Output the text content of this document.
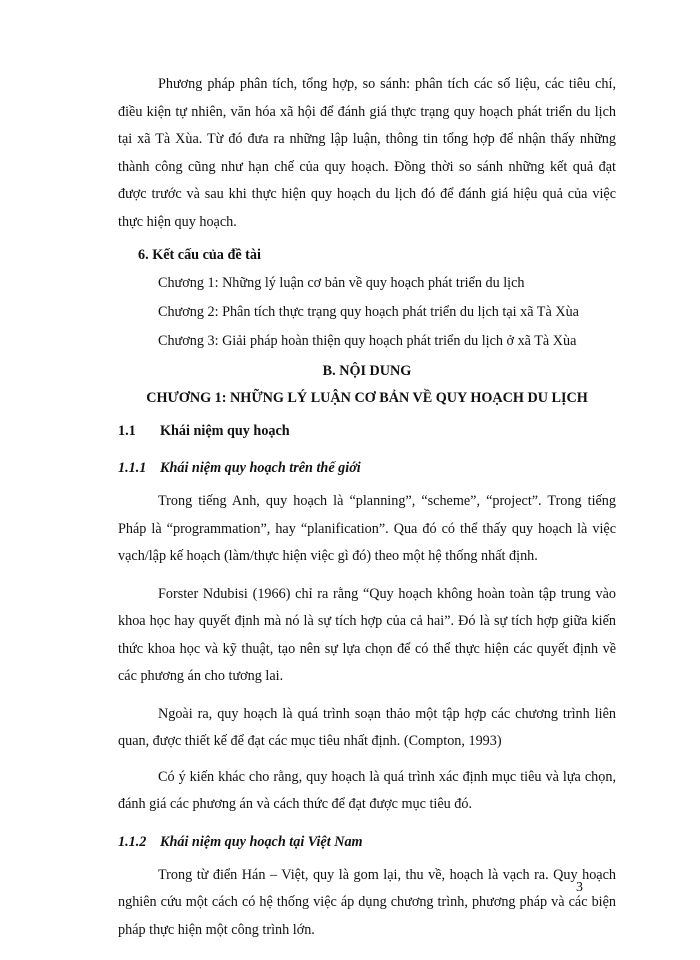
Phương pháp phân tích, tổng hợp, so sánh: phân tích các số liệu, các tiêu chí, điều kiện tự nhiên, văn hóa xã hội để đánh giá thực trạng quy hoạch phát triển du lịch tại xã Tà Xùa. Từ đó đưa ra những lập luận, thông tin tổng hợp để nhận thấy những thành công cũng như hạn chế của quy hoạch. Đồng thời so sánh những kết quả đạt được trước và sau khi thực hiện quy hoạch du lịch đó để đánh giá hiệu quả của việc thực hiện quy hoạch.

6. Kết cấu của đề tài
Chương 1: Những lý luận cơ bản về quy hoạch phát triển du lịch
Chương 2: Phân tích thực trạng quy hoạch phát triển du lịch tại xã Tà Xùa
Chương 3: Giải pháp hoàn thiện quy hoạch phát triển du lịch ở xã Tà Xùa
B. NỘI DUNG
CHƯƠNG 1: NHỮNG LÝ LUẬN CƠ BẢN VỀ QUY HOẠCH DU LỊCH
1.1 Khái niệm quy hoạch
1.1.1 Khái niệm quy hoạch trên thế giới

Trong tiếng Anh, quy hoạch là “planning”, “scheme”, “project”. Trong tiếng Pháp là “programmation”, hay “planification”. Qua đó có thể thấy quy hoạch là việc vạch/lập kế hoạch (làm/thực hiện việc gì đó) theo một hệ thống nhất định.

Forster Ndubisi (1966) chỉ ra rằng “Quy hoạch không hoàn toàn tập trung vào khoa học hay quyết định mà nó là sự tích hợp của cả hai”. Đó là sự tích hợp giữa kiến thức khoa học và kỹ thuật, tạo nên sự lựa chọn để có thể thực hiện các quyết định về các phương án cho tương lai.

Ngoài ra, quy hoạch là quá trình soạn thảo một tập hợp các chương trình liên quan, được thiết kế để đạt các mục tiêu nhất định. (Compton, 1993)

Có ý kiến khác cho rằng, quy hoạch là quá trình xác định mục tiêu và lựa chọn, đánh giá các phương án và cách thức để đạt được mục tiêu đó.

1.1.2 Khái niệm quy hoạch tại Việt Nam

Trong từ điển Hán – Việt, quy là gom lại, thu về, hoạch là vạch ra. Quy hoạch nghiên cứu một cách có hệ thống việc áp dụng chương trình, phương pháp và các biện pháp thực hiện một công trình lớn.

3
